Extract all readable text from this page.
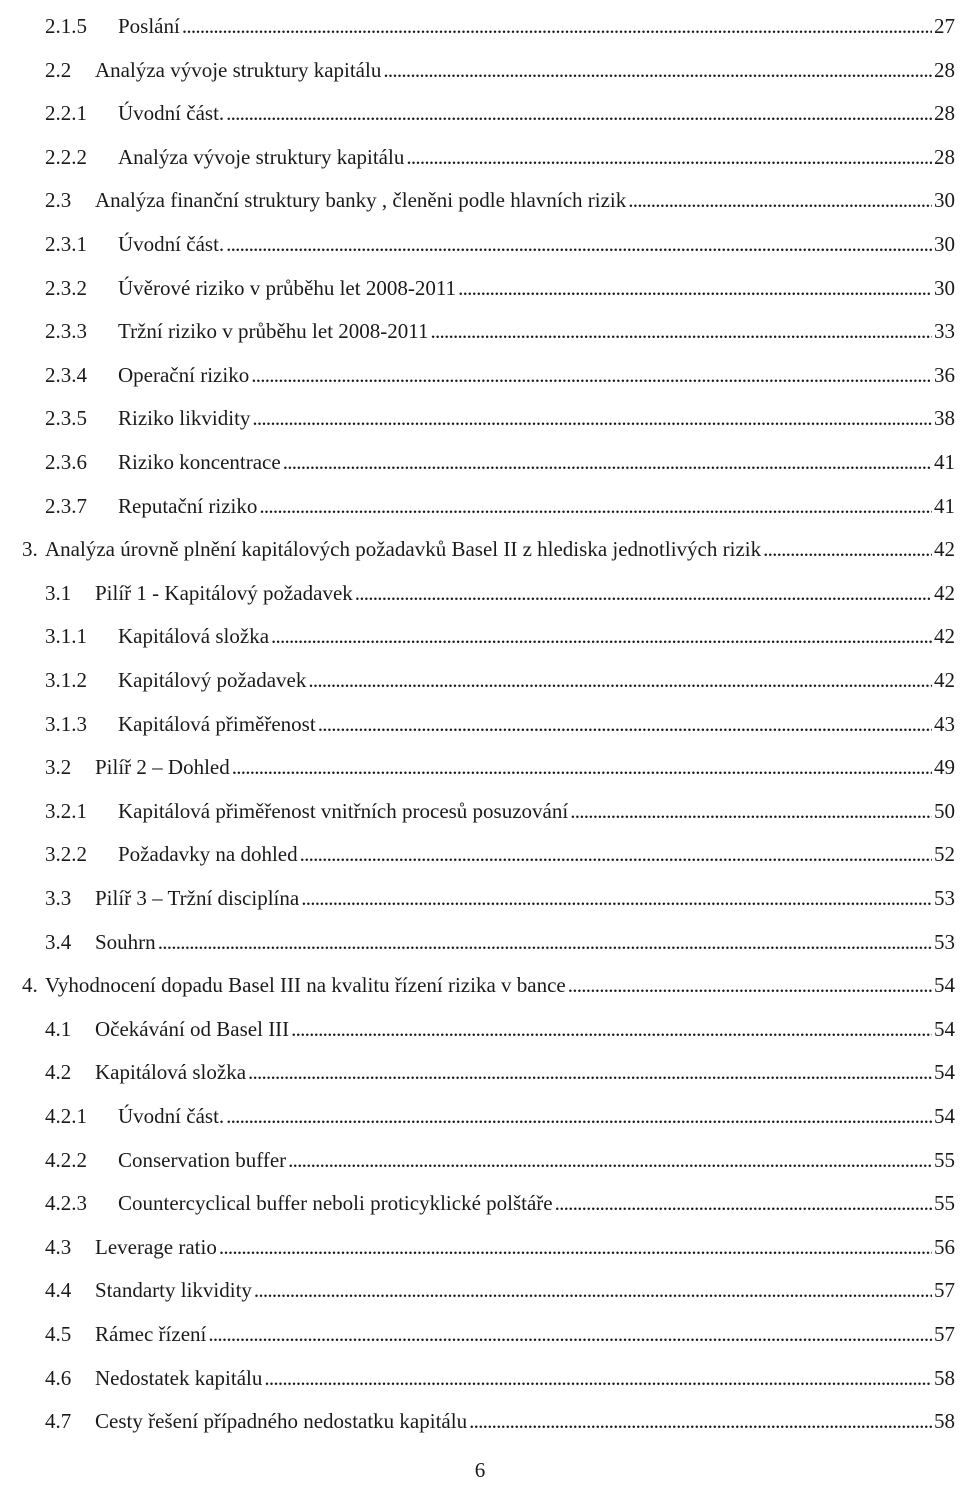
2.1.5	Poslání . . .	27
2.2	Analýza vývoje struktury kapitálu . . .	28
2.2.1	Úvodní část. . . .	28
2.2.2	Analýza vývoje struktury kapitálu . . .	28
2.3	Analýza finanční struktury banky , členěni podle hlavních rizik . . .	30
2.3.1	Úvodní část. . . .	30
2.3.2	Úvěrové riziko v průběhu let 2008-2011 . . .	30
2.3.3	Tržní riziko v průběhu let 2008-2011 . . .	33
2.3.4	Operační riziko . . .	36
2.3.5	Riziko likvidity . . .	38
2.3.6	Riziko koncentrace . . .	41
2.3.7	Reputační riziko . . .	41
3. Analýza úrovně plnění kapitálových požadavků Basel II z hlediska jednotlivých rizik . . .	42
3.1	Pilíř 1 - Kapitálový požadavek . . .	42
3.1.1	Kapitálová složka . . .	42
3.1.2	Kapitálový požadavek . . .	42
3.1.3	Kapitálová přiměřenost . . .	43
3.2	Pilíř 2 – Dohled . . .	49
3.2.1	Kapitálová přiměřenost vnitřních procesů posuzování . . .	50
3.2.2	Požadavky na dohled . . .	52
3.3	Pilíř 3 – Tržní disciplína . . .	53
3.4	Souhrn . . .	53
4. Vyhodnocení dopadu Basel III na kvalitu řízení rizika v bance . . .	54
4.1	Očekávání od Basel III . . .	54
4.2	Kapitálová složka . . .	54
4.2.1	Úvodní část. . . .	54
4.2.2	Conservation buffer . . .	55
4.2.3	Countercyclical buffer neboli proticyklické polštáře . . .	55
4.3	Leverage ratio . . .	56
4.4	Standarty likvidity . . .	57
4.5	Rámec řízení . . .	57
4.6	Nedostatek kapitálu . . .	58
4.7	Cesty řešení případného nedostatku kapitálu . . .	58
6
